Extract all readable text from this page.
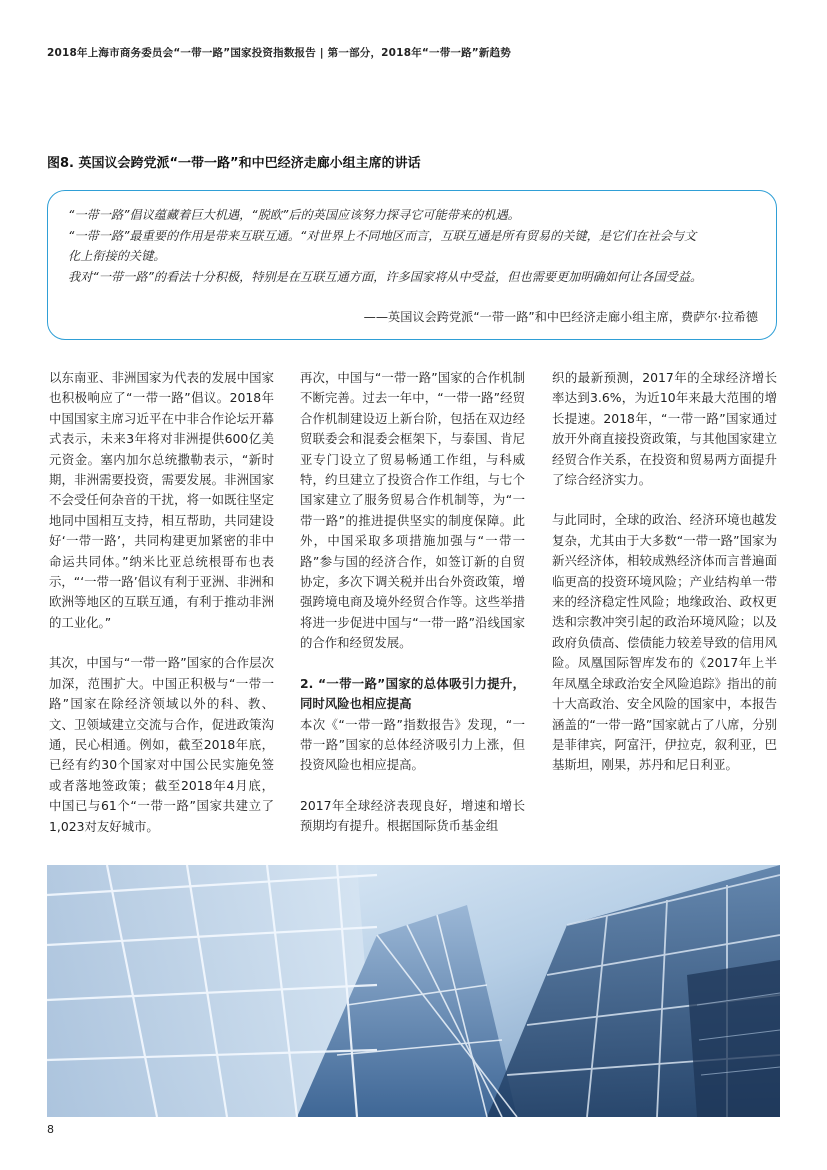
2018年上海市商务委员会“一带一路”国家投资指数报告 | 第一部分，2018年“一带一路”新趋势
图8. 英国议会跨党派“一带一路”和中巴经济走廊小组主席的讲话
“一带一路”倡议蕴藏着巨大机遇，“脱欧”后的英国应该努力探寻它可能带来的机遇。
“一带一路”最重要的作用是带来互联互通。“对世界上不同地区而言，互联互通是所有贸易的关键，是它们在社会与文
化上衔接的关键。
我对“一带一路”的看法十分积极，特别是在互联互通方面，许多国家将从中受益，但也需要更加明确如何让各国受益。
——英国议会跨党派“一带一路”和中巴经济走廊小组主席，费萨尔·拉希德

以东南亚、非洲国家为代表的发展中国家也积极响应了“一带一路”倡议。2018年中国国家主席习近平在中非合作论坛开幕式表示，未来3年将对非洲提供600亿美元资金。塞内加尔总统撒勒表示，“新时期，非洲需要投资，需要发展。非洲国家不会受任何杂音的干扰，将一如既往坚定地同中国相互支持，相互帮助，共同建设好‘一带一路’，共同构建更加紧密的非中命运共同体。”纳米比亚总统根哥布也表示，“‘一带一路’倡议有利于亚洲、非洲和欧洲等地区的互联互通，有利于推动非洲的工业化。”

其次，中国与“一带一路”国家的合作层次加深，范围扩大。中国正积极与“一带一路”国家在除经济领域以外的科、教、文、卫领域建立交流与合作，促进政策沟通，民心相通。例如，截至2018年底，已经有约30个国家对中国公民实施免签或者落地签政策；截至2018年4月底，中国已与61个“一带一路”国家共建立了1,023对友好城市。

再次，中国与“一带一路”国家的合作机制不断完善。过去一年中，“一带一路”经贸合作机制建设迈上新台阶，包括在双边经贸联委会和混委会框架下，与泰国、肯尼亚专门设立了贸易畅通工作组，与科威特，约旦建立了投资合作工作组，与七个国家建立了服务贸易合作机制等，为“一带一路”的推进提供坚实的制度保障。此外，中国采取多项措施加强与“一带一路”参与国的经济合作，如签订新的自贸协定，多次下调关税并出台外资政策，增强跨境电商及境外经贸合作等。这些举措将进一步促进中国与“一带一路”沿线国家的合作和经贸发展。

2. “一带一路”国家的总体吸引力提升，同时风险也相应提高

本次《“一带一路”指数报告》发现，“一带一路”国家的总体经济吸引力上涨，但投资风险也相应提高。

2017年全球经济表现良好，增速和增长预期均有提升。根据国际货币基金组

织的最新预测，2017年的全球经济增长率达到3.6%，为近10年来最大范围的增长提速。2018年，“一带一路”国家通过放开外商直接投资政策，与其他国家建立经贸合作关系，在投资和贸易两方面提升了综合经济实力。

与此同时，全球的政治、经济环境也越发复杂，尤其由于大多数“一带一路”国家为新兴经济体，相较成熟经济体而言普遍面临更高的投资环境风险；产业结构单一带来的经济稳定性风险；地缘政治、政权更迭和宗教冲突引起的政治环境风险；以及政府负债高、偿债能力较差导致的信用风险。凤凰国际智库发布的《2017年上半年凤凰全球政治安全风险追踪》指出的前十大高政治、安全风险的国家中，本报告涵盖的“一带一路”国家就占了八席，分别是菲律宾，阿富汗，伊拉克，叙利亚，巴基斯坦，刚果，苏丹和尼日利亚。

8
